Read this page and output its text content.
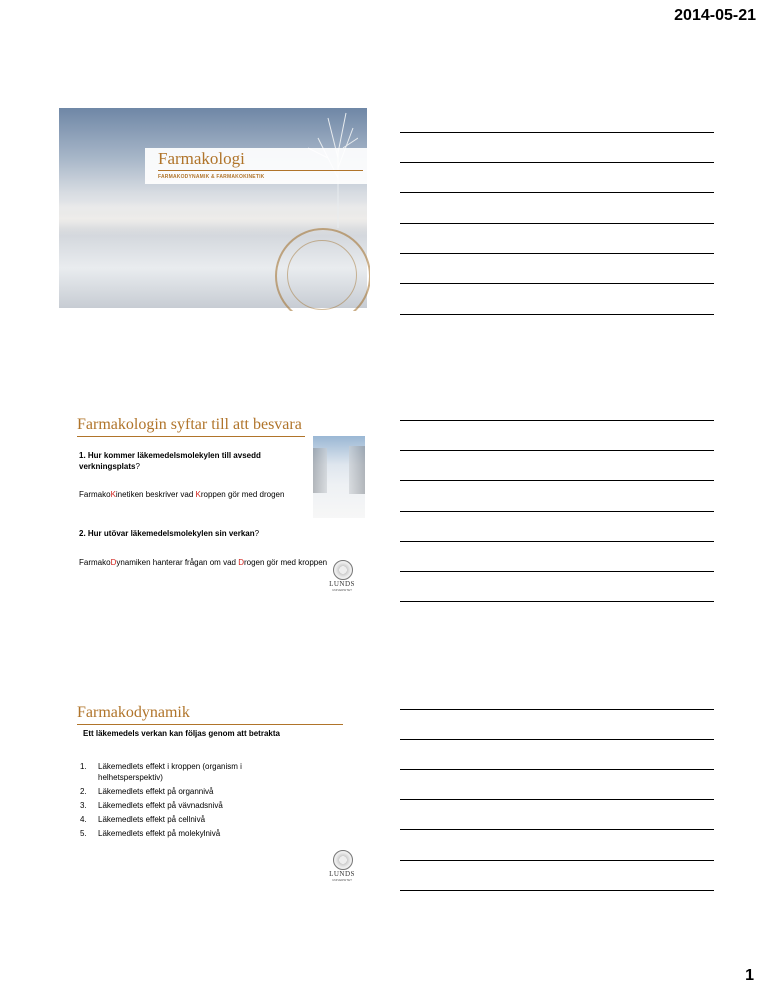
2014-05-21
Farmakologi
FARMAKODYNAMIK & FARMAKOKINETIK
Farmakologin syftar till att besvara
1. Hur kommer läkemedelsmolekylen till avsedd verkningsplats?
FarmakoKinetiken beskriver vad Kroppen gör med drogen
2. Hur utövar läkemedelsmolekylen sin verkan?
FarmakoDynamiken hanterar frågan om vad Drogen gör med kroppen
LUNDS
UNIVERSITET
Farmakodynamik
Ett läkemedels verkan kan följas genom att betrakta
1. Läkemedlets effekt i kroppen (organism i helhetsperspektiv)
2. Läkemedlets effekt på organnivå
3. Läkemedlets effekt på vävnadsnivå
4. Läkemedlets effekt på cellnivå
5. Läkemedlets effekt på molekylnivå
LUNDS
UNIVERSITET
1
